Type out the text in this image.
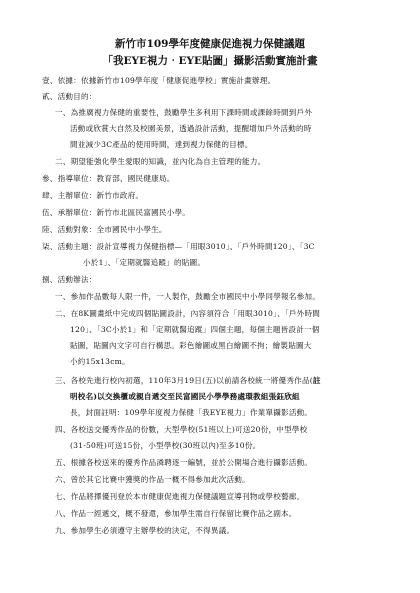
新竹市109學年度健康促進視力保健議題
「我EYE視力‧EYE貼圖」攝影活動實施計畫
壹、依據：依據新竹市109學年度「健康促進學校」實施計畫辦理。
貳、活動目的：
一、為推廣視力保健的重要性，鼓勵學生多利用下課時間或課餘時間到戶外
活動或欣賞大自然及校園美景，透過設計活動，提醒增加戶外活動的時
間並減少3C產品的使用時間，達到視力保健的目標。
二、期望能強化學生愛眼的知識，並內化為自主管理的能力。
參、指導單位：教育部、國民健康局。
肆、主辦單位：新竹市政府。
伍、承辦單位：新竹市北區民富國民小學。
陸、活動對象：全市國民中小學生。
柒、活動主題：設計宣導視力保健指標—「用眼3010」、「戶外時間120」、「3C
小於1」、「定期就醫追蹤」的貼圖。
捌、活動辦法：
一、參加作品數每人限一件，一人製作，鼓勵全市國民中小學同學報名參加。
二、在8K圖畫紙中完成四個貼圖設計，內容須符合「用眼3010」、「戶外時間
120」、「3C小於1」和「定期就醫追蹤」四個主題，每個主題皆設計一個
貼圖，貼圖內文字可自行構思。彩色繪圖或黑白繪圖不拘；繪製貼圖大
小約15x13cm。
三、各校先進行校內初選，110年3月19日(五)以前請各校統一將優秀作品(註
明校名)以交換櫃或親自遞交至民富國民小學學務處環教組張鈺欣組
長，封面註明：109學年度視力保健「我EYE視力」作業單攝影活動。
四、各校送交優秀作品的份數，大型學校(51班以上)可送20份，中型學校
(31-50班)可送15份，小型學校(30班以內)至多10份。
五、根據各校送來的優秀作品潾聘逐一編號，並於公開場合進行攝影活動。
六、曾於其它比賽中獲獎的作品一概不得參加此次活動。
七、作品將擇優刊登於本市健康促進視力保健議題宣導刊物或學校藝廊。
八、作品一經遞交，概不發還，參加學生需自行保留比賽作品之副本。
九、參加學生必須遵守主辦學校的決定，不得異議。
